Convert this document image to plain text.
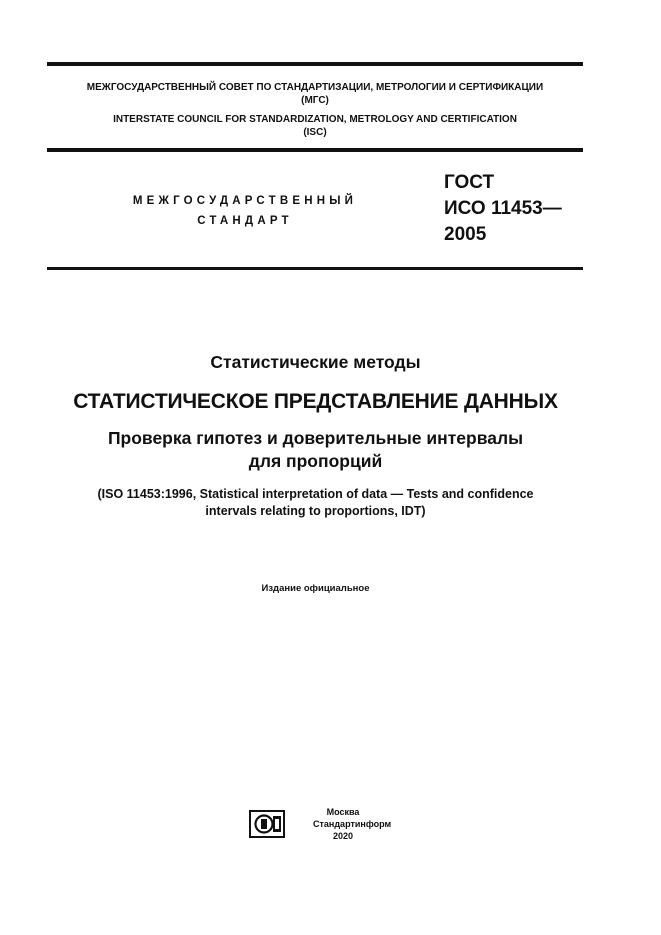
МЕЖГОСУДАРСТВЕННЫЙ СОВЕТ ПО СТАНДАРТИЗАЦИИ, МЕТРОЛОГИИ И СЕРТИФИКАЦИИ
(МГС)
INTERSTATE COUNCIL FOR STANDARDIZATION, METROLOGY AND CERTIFICATION
(ISC)
МЕЖГОСУДАРСТВЕННЫЙ
СТАНДАРТ
ГОСТ
ИСО 11453—
2005
Статистические методы
СТАТИСТИЧЕСКОЕ ПРЕДСТАВЛЕНИЕ ДАННЫХ
Проверка гипотез и доверительные интервалы
для пропорций
(ISO 11453:1996, Statistical interpretation of data — Tests and confidence
intervals relating to proportions, IDT)
Издание официальное
Москва
Стандартинформ
2020
